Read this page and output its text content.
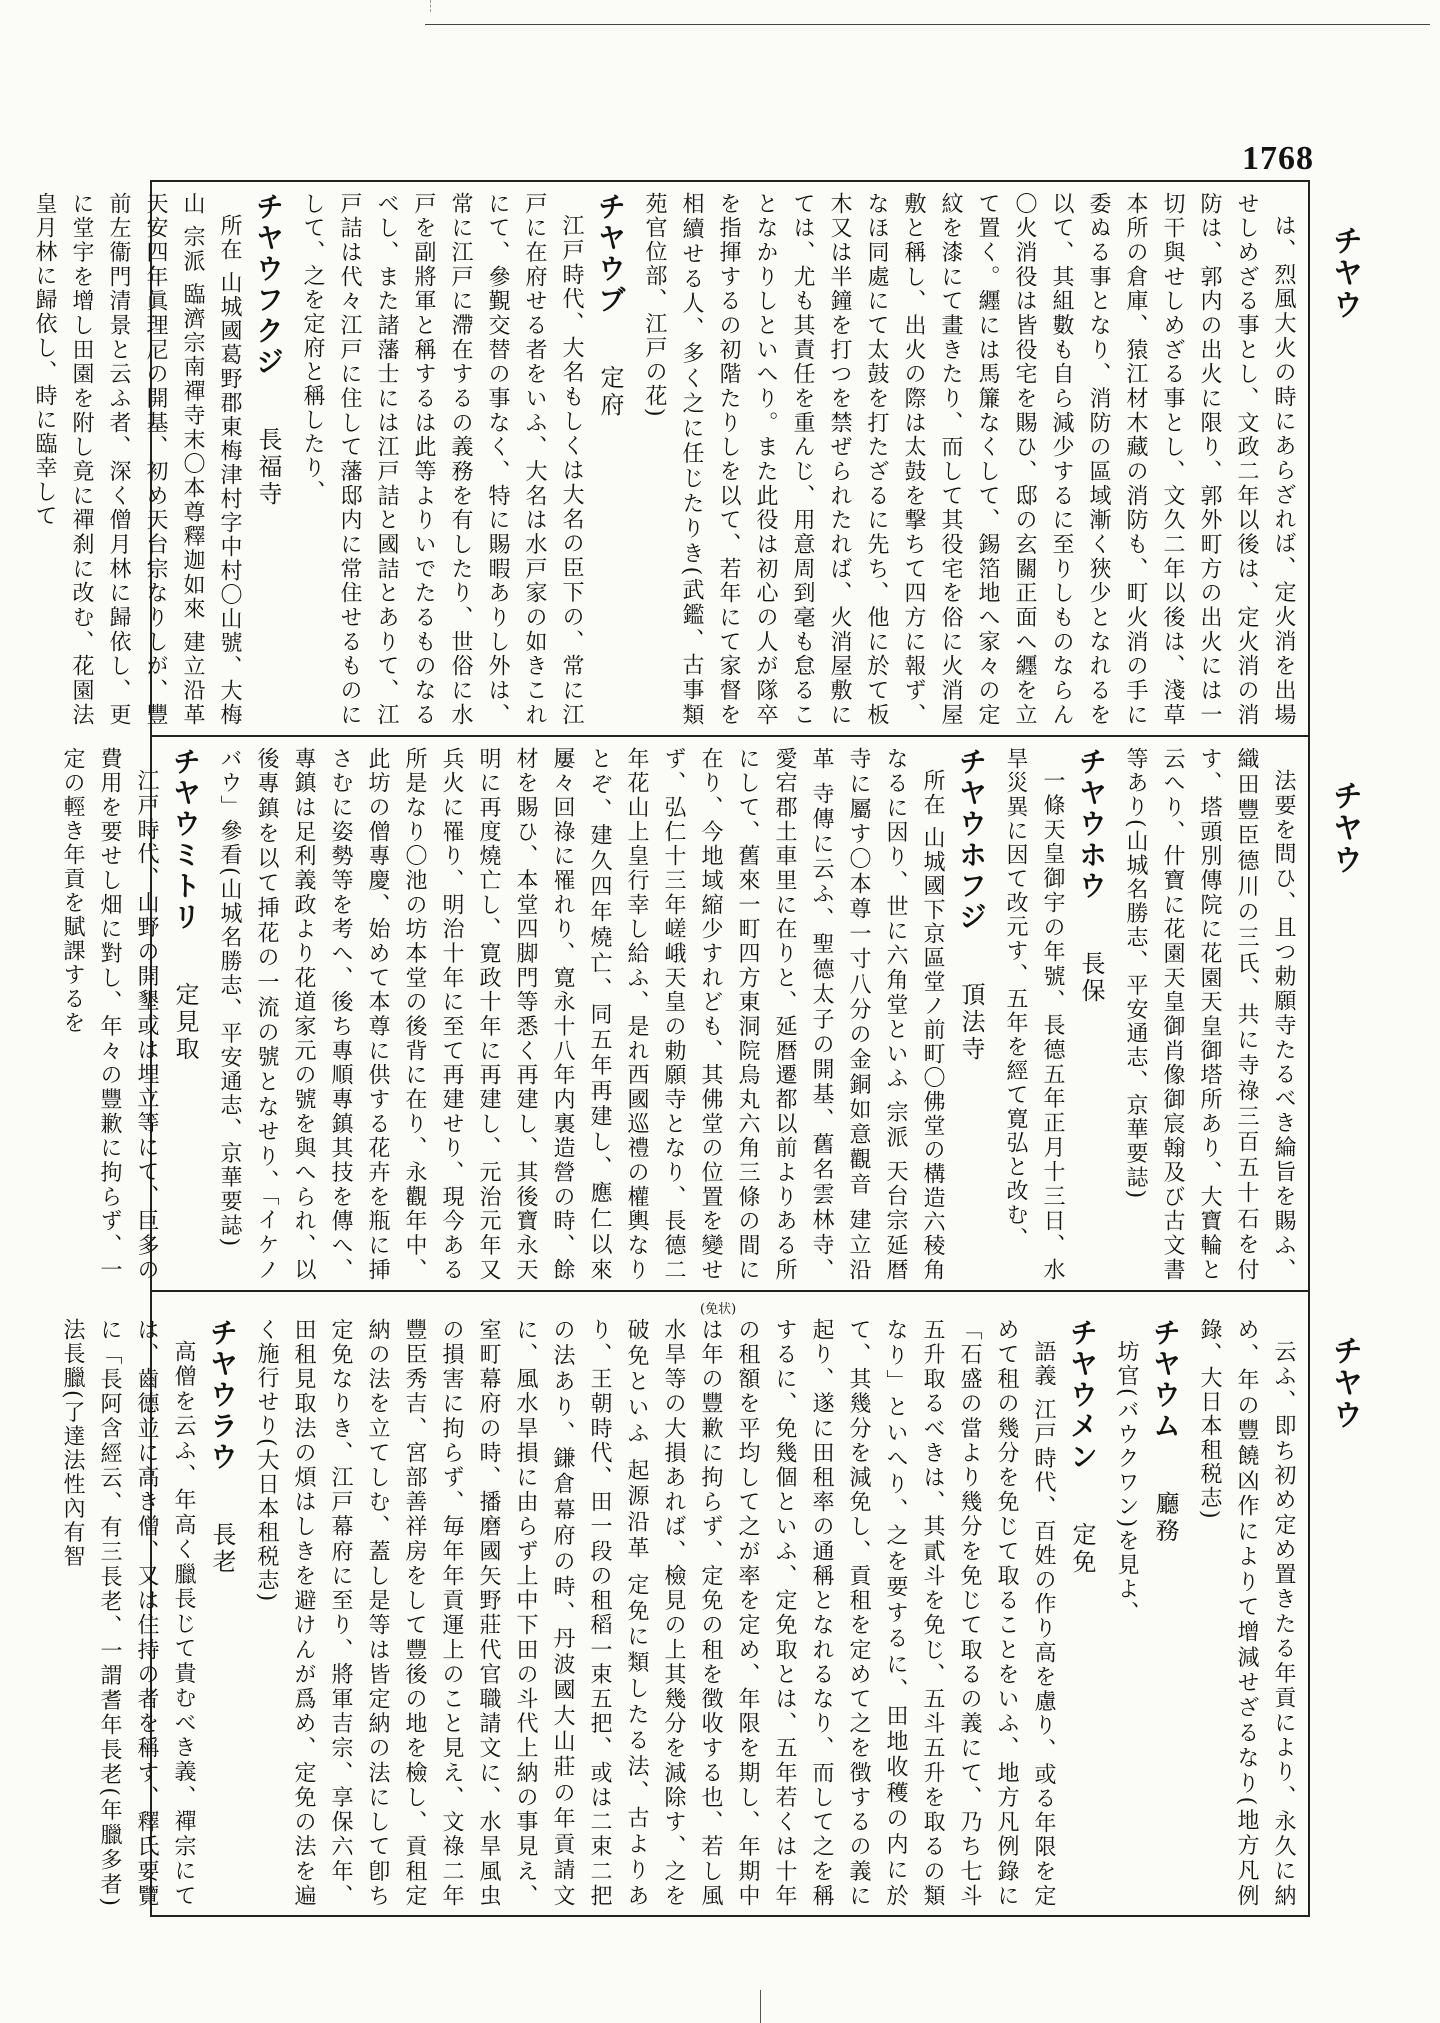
1768
チヤウ
チヤウ
チヤウ

は、烈風大火の時にあらざれば、定火消を出場せしめざる事とし、文政二年以後は、定火消の消防は、郭内の出火に限り、郭外町方の出火には一切干與せしめざる事とし、文久二年以後は、淺草本所の倉庫、猿江材木藏の消防も、町火消の手に委ぬる事となり、消防の區域漸く狹少となれるを以て、其組數も自ら減少するに至りしものならん〇火消役は皆役宅を賜ひ、邸の玄關正面へ纒を立て置く。纒には馬簾なくして、錫箔地へ家々の定紋を漆にて畫きたり、而して其役宅を俗に火消屋敷と稱し、出火の際は太鼓を撃ちて四方に報ず、なほ同處にて太鼓を打たざるに先ち、他に於て板木又は半鐘を打つを禁ぜられたれば、火消屋敷にては、尤も其責任を重んじ、用意周到毫も怠ることなかりしといへり。また此役は初心の人が隊卒を指揮するの初階たりしを以て、若年にて家督を相續せる人、多く之に任じたりき(武鑑、古事類苑官位部、江戸の花)

チヤウブ 定府

江戸時代、大名もしくは大名の臣下の、常に江戸に在府せる者をいふ、大名は水戸家の如きこれにて、參覲交替の事なく、特に賜暇ありし外は、常に江戸に滯在するの義務を有したり、世俗に水戸を副將軍と稱するは此等よりいでたるものなるべし、また諸藩士には江戸詰と國詰とありて、江戸詰は代々江戸に住して藩邸内に常住せるものにして、之を定府と稱したり、

チヤウフクジ 長福寺

所在 山城國葛野郡東梅津村字中村〇山號、大梅山 宗派 臨濟宗南禪寺末〇本尊釋迦如來 建立沿革 天安四年眞理尼の開基、初め天台宗なりしが、豐前左衞門清景と云ふ者、深く僧月林に歸依し、更に堂宇を增し田園を附し竟に禪刹に改む、花園法皇月林に歸依し、時に臨幸して

法要を問ひ、且つ勅願寺たるべき綸旨を賜ふ、織田豐臣德川の三氏、共に寺祿三百五十石を付す、塔頭別傳院に花園天皇御塔所あり、大寶輪と云へり、什寶に花園天皇御肖像御宸翰及び古文書等あり(山城名勝志、平安通志、京華要誌)

チヤウホウ 長保

一條天皇御宇の年號、長德五年正月十三日、水旱災異に因て改元す、五年を經て寛弘と改む、

チヤウホフジ 頂法寺

所在 山城國下京區堂ノ前町〇佛堂の構造六稜角なるに因り、世に六角堂といふ 宗派 天台宗延暦寺に屬す〇本尊一寸八分の金銅如意觀音 建立沿革 寺傳に云ふ、聖德太子の開基、舊名雲林寺、愛宕郡土車里に在りと、延暦遷都以前よりある所にして、舊來一町四方東洞院烏丸六角三條の間に在り、今地域縮少すれども、其佛堂の位置を變せず、弘仁十三年嵯峨天皇の勅願寺となり、長德二年花山上皇行幸し給ふ、是れ西國巡禮の權輿なりとぞ、建久四年燒亡、同五年再建し、應仁以來屢々回祿に罹れり、寛永十八年内裏造營の時、餘材を賜ひ、本堂四脚門等悉く再建し、其後寶永天明に再度燒亡し、寛政十年に再建し、元治元年又兵火に罹り、明治十年に至て再建せり、現今ある所是なり〇池の坊本堂の後背に在り、永觀年中、此坊の僧專慶、始めて本尊に供する花卉を瓶に挿さむに姿勢等を考へ、後ち專順專鎮其技を傳へ、專鎮は足利義政より花道家元の號を與へられ、以後專鎮を以て挿花の一流の號となせり、「イケノバウ」參看(山城名勝志、平安通志、京華要誌)

チヤウミトリ 定見取

江戸時代、山野の開墾或は埋立等にて、巨多の費用を要せし畑に對し、年々の豐歉に拘らず、一定の輕き年貢を賦課するを

(免状)

云ふ、即ち初め定め置きたる年貢により、永久に納め、年の豐饒凶作によりて增減せざるなり(地方凡例錄、大日本租税志)

チヤウム 廳務

坊官(バウクワン)を見よ、

チヤウメン 定免

語義 江戸時代、百姓の作り高を慮り、或る年限を定めて租の幾分を免じて取ることをいふ、地方凡例錄に「石盛の當より幾分を免じて取るの義にて、乃ち七斗五升取るべきは、其貳斗を免じ、五斗五升を取るの類なり」といへり、之を要するに、田地收穫の内に於て、其幾分を減免し、貢租を定めて之を徴するの義に起り、遂に田租率の通稱となれるなり、而して之を稱するに、免幾個といふ、定免取とは、五年若くは十年の租額を平均して之が率を定め、年限を期し、年期中は年の豐歉に拘らず、定免の租を徴收する也、若し風水旱等の大損あれば、檢見の上其幾分を減除す、之を破免といふ 起源沿革 定免に類したる法、古よりあり、王朝時代、田一段の租稻一束五把、或は二束二把の法あり、鎌倉幕府の時、丹波國大山莊の年貢請文に、風水旱損に由らず上中下田の斗代上納の事見え、室町幕府の時、播磨國矢野莊代官職請文に、水旱風虫の損害に拘らず、毎年年貢運上のこと見え、文祿二年豐臣秀吉、宮部善祥房をして豐後の地を檢し、貢租定納の法を立てしむ、蓋し是等は皆定納の法にして卽ち定免なりき、江戸幕府に至り、將軍吉宗、享保六年、田租見取法の煩はしきを避けんが爲め、定免の法を遍く施行せり(大日本租税志)

チヤウラウ 長老

高僧を云ふ、年高く臘長じて貴むべき義、禪宗にては、齒德並に高き僧、又は住持の者を稱す、釋氏要覽に「長阿含經云、有三長老、一謂耆年長老(年臘多者)法長臘(了達法性內有智
